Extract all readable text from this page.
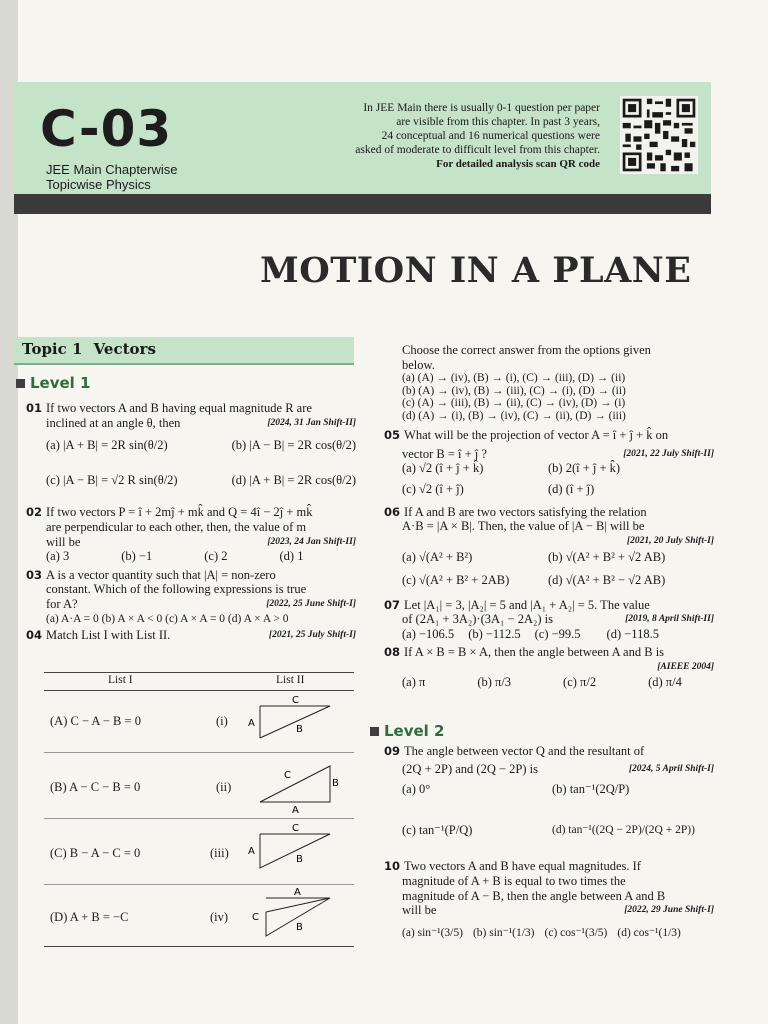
C-03
JEE Main Chapterwise
Topicwise Physics
In JEE Main there is usually 0-1 question per paper
are visible from this chapter. In past 3 years,
24 conceptual and 16 numerical questions were
asked of moderate to difficult level from this chapter.
For detailed analysis scan QR code
MOTION IN A PLANE
Topic 1 Vectors
Level 1
01 If two vectors A and B having equal magnitude R are
inclined at an angle θ, then	[2024, 31 Jan Shift-II]
(a) |A + B| = 2R sin(θ/2)	(b) |A − B| = 2R cos(θ/2)
(c) |A − B| = √2 R sin(θ/2)	(d) |A + B| = 2R cos(θ/2)
02 If two vectors P = î + 2mĵ + mk̂ and Q = 4î − 2ĵ + mk̂
are perpendicular to each other, then, the value of m
will be	[2023, 24 Jan Shift-II]
(a) 3	(b) −1	(c) 2	(d) 1
03 A is a vector quantity such that |A| = non-zero
constant. Which of the following expressions is true
for A?	[2022, 25 June Shift-I]
(a) A·A = 0 (b) A × A < 0 (c) A × A = 0 (d) A × A > 0
04 Match List I with List II.	[2021, 25 July Shift-I]
List I	List II
(A) C − A − B = 0	(i)
(B) A − C − B = 0	(ii)
(C) B − A − C = 0	(iii)
(D) A + B = −C	(iv)
C
A
B
C
B
A
C
A
B
A
C
B
Choose the correct answer from the options given
below.
(a) (A) → (iv), (B) → (i), (C) → (iii), (D) → (ii)
(b) (A) → (iv), (B) → (iii), (C) → (i), (D) → (ii)
(c) (A) → (iii), (B) → (ii), (C) → (iv), (D) → (i)
(d) (A) → (i), (B) → (iv), (C) → (ii), (D) → (iii)
05 What will be the projection of vector A = î + ĵ + k̂ on
vector B = î + ĵ ?	[2021, 22 July Shift-II]
(a) √2 (î + ĵ + k̂)	(b) 2(î + ĵ + k̂)
(c) √2 (î + ĵ)	(d) (î + ĵ)
06 If A and B are two vectors satisfying the relation
A·B = |A × B|. Then, the value of |A − B| will be
[2021, 20 July Shift-I]
(a) √(A² + B²)	(b) √(A² + B² + √2 AB)
(c) √(A² + B² + 2AB)	(d) √(A² + B² − √2 AB)
07 Let |A₁| = 3, |A₂| = 5 and |A₁ + A₂| = 5. The value
of (2A₁ + 3A₂)·(3A₁ − 2A₂) is	[2019, 8 April Shift-II]
(a) −106.5 (b) −112.5 (c) −99.5 (d) −118.5
08 If A × B = B × A, then the angle between A and B is
[AIEEE 2004]
(a) π	(b) π/3	(c) π/2	(d) π/4
Level 2
09 The angle between vector Q and the resultant of
(2Q + 2P) and (2Q − 2P) is	[2024, 5 April Shift-I]
(a) 0°	(b) tan⁻¹(2Q/P)
(c) tan⁻¹(P/Q)	(d) tan⁻¹((2Q − 2P)/(2Q + 2P))
10 Two vectors A and B have equal magnitudes. If
magnitude of A + B is equal to two times the
magnitude of A − B, then the angle between A and B
will be	[2022, 29 June Shift-I]
(a) sin⁻¹(3/5) (b) sin⁻¹(1/3) (c) cos⁻¹(3/5) (d) cos⁻¹(1/3)
